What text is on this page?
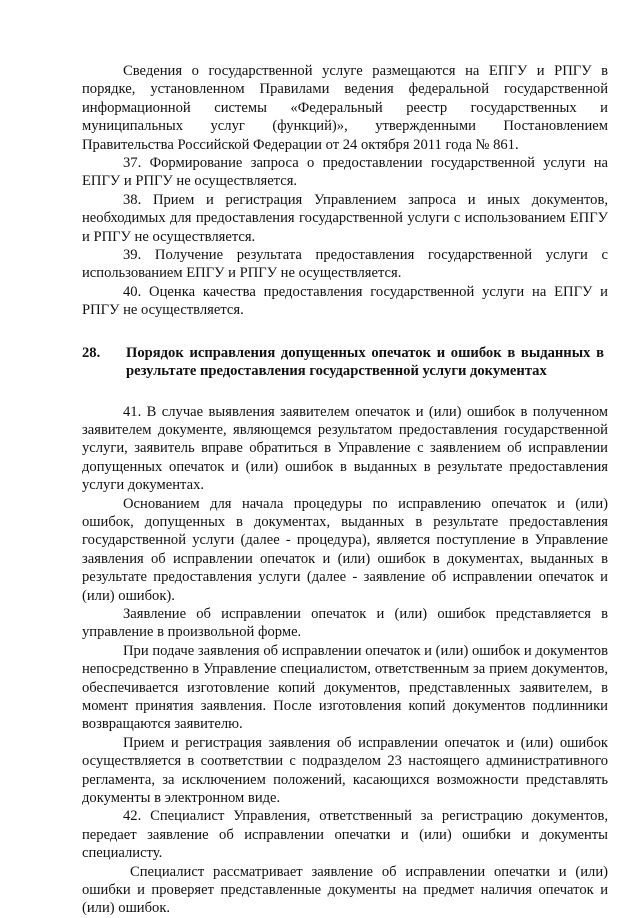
Сведения о государственной услуге размещаются на ЕПГУ и РПГУ в порядке, установленном Правилами ведения федеральной государственной информационной системы «Федеральный реестр государственных и муниципальных услуг (функций)», утвержденными Постановлением Правительства Российской Федерации от 24 октября 2011 года № 861.

37. Формирование запроса о предоставлении государственной услуги на ЕПГУ и РПГУ не осуществляется.

38. Прием и регистрация Управлением запроса и иных документов, необходимых для предоставления государственной услуги с использованием ЕПГУ и РПГУ не осуществляется.

39. Получение результата предоставления государственной услуги с использованием ЕПГУ и РПГУ не осуществляется.

40. Оценка качества предоставления государственной услуги на ЕПГУ и РПГУ не осуществляется.

28.	Порядок исправления допущенных опечаток и ошибок в выданных в результате предоставления государственной услуги документах

41. В случае выявления заявителем опечаток и (или) ошибок в полученном заявителем документе, являющемся результатом предоставления государственной услуги, заявитель вправе обратиться в Управление с заявлением об исправлении допущенных опечаток и (или) ошибок в выданных в результате предоставления услуги документах.

Основанием для начала процедуры по исправлению опечаток и (или) ошибок, допущенных в документах, выданных в результате предоставления государственной услуги (далее - процедура), является поступление в Управление заявления об исправлении опечаток и (или) ошибок в документах, выданных в результате предоставления услуги (далее - заявление об исправлении опечаток и (или) ошибок).

Заявление об исправлении опечаток и (или) ошибок представляется в управление в произвольной форме.

При подаче заявления об исправлении опечаток и (или) ошибок и документов непосредственно в Управление специалистом, ответственным за прием документов, обеспечивается изготовление копий документов, представленных заявителем, в момент принятия заявления. После изготовления копий документов подлинники возвращаются заявителю.

Прием и регистрация заявления об исправлении опечаток и (или) ошибок осуществляется в соответствии с подразделом 23 настоящего административного регламента, за исключением положений, касающихся возможности представлять документы в электронном виде.

42. Специалист Управления, ответственный за регистрацию документов, передает заявление об исправлении опечатки и (или) ошибки и документы специалисту.

Специалист рассматривает заявление об исправлении опечатки и (или) ошибки и проверяет представленные документы на предмет наличия опечаток и (или) ошибок.
